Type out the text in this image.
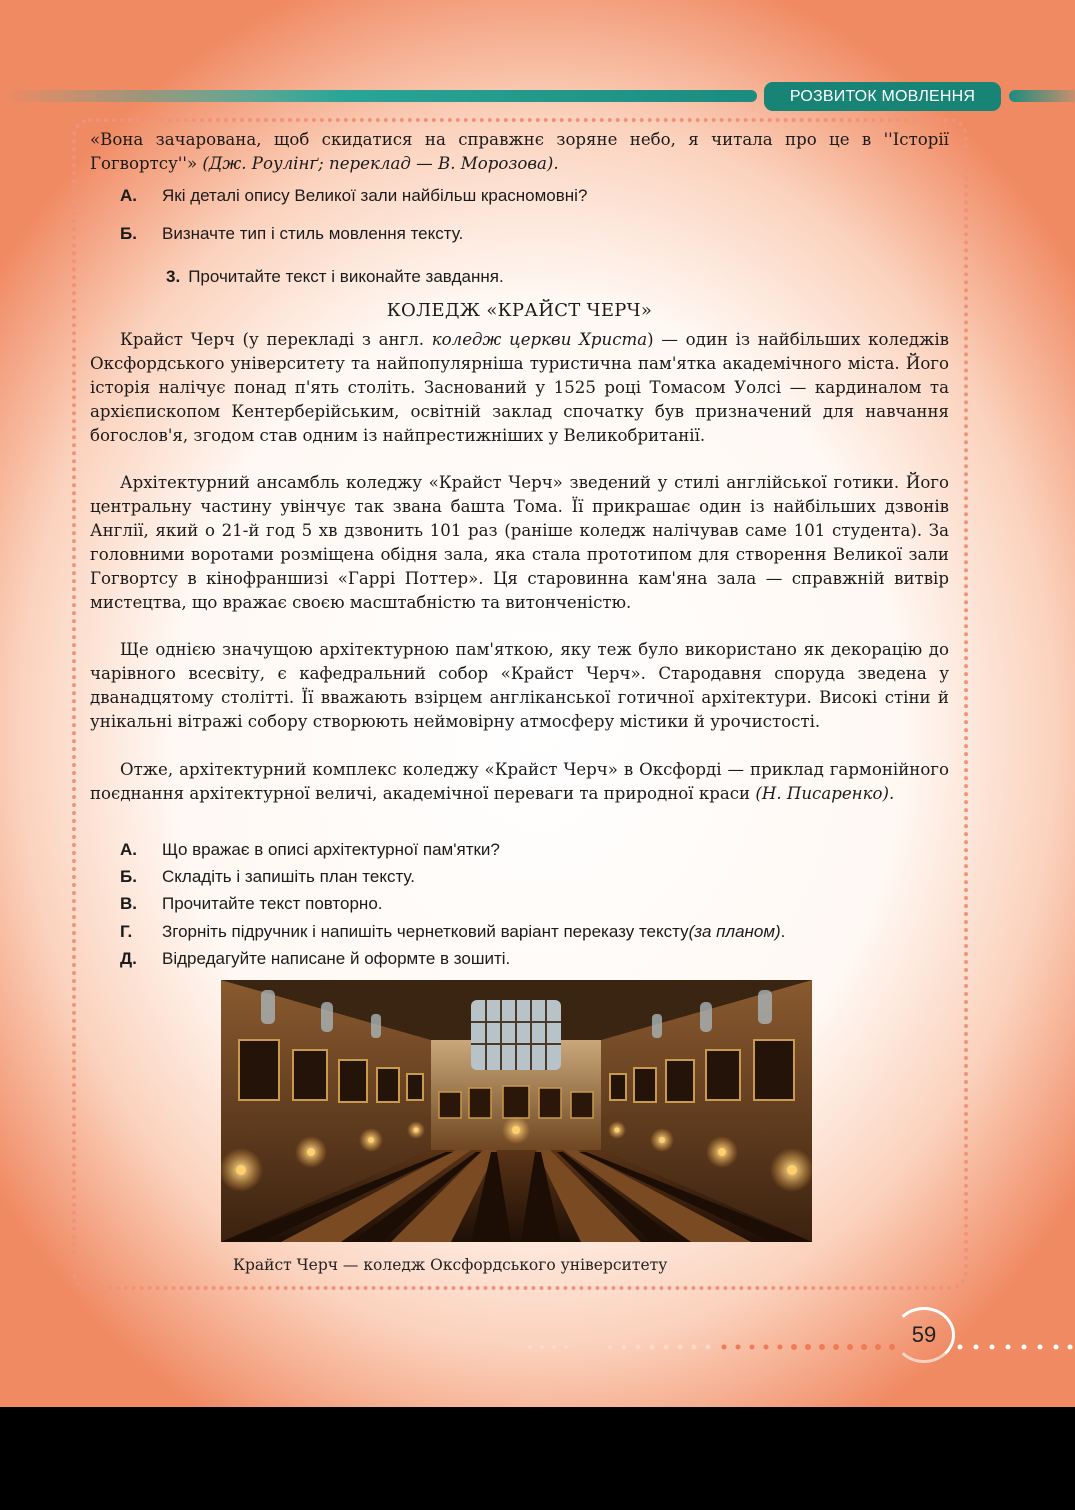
РОЗВИТОК МОВЛЕННЯ

«Вона зачарована, щоб скидатися на справжнє зоряне небо, я читала про це в ''Історії Гогвортсу''» (Дж. Роулінґ; переклад — В. Морозова).

А. Які деталі опису Великої зали найбільш красномовні?
Б. Визначте тип і стиль мовлення тексту.
3. Прочитайте текст і виконайте завдання.
КОЛЕДЖ «КРАЙСТ ЧЕРЧ»

Крайст Черч (у перекладі з англ. коледж церкви Христа) — один із найбільших коледжів Оксфордського університету та найпопулярніша туристична пам'ятка академічного міста. Його історія налічує понад п'ять століть. Заснований у 1525 році Томасом Уолсі — кардиналом та архієпископом Кентерберійським, освітній заклад спочатку був призначений для навчання богослов'я, згодом став одним із найпрестижніших у Великобританії.

Архітектурний ансамбль коледжу «Крайст Черч» зведений у стилі англійської готики. Його центральну частину увінчує так звана башта Тома. Її прикрашає один із найбільших дзвонів Англії, який о 21-й год 5 хв дзвонить 101 раз (раніше коледж налічував саме 101 студента). За головними воротами розміщена обідня зала, яка стала прототипом для створення Великої зали Гогвортсу в кінофраншизі «Гаррі Поттер». Ця старовинна кам'яна зала — справжній витвір мистецтва, що вражає своєю масштабністю та витонченістю.

Ще однією значущою архітектурною пам'яткою, яку теж було використано як декорацію до чарівного всесвіту, є кафедральний собор «Крайст Черч». Стародавня споруда зведена у дванадцятому столітті. Її вважають взірцем англіканської готичної архітектури. Високі стіни й унікальні вітражі собору створюють неймовірну атмосферу містики й урочистості.

Отже, архітектурний комплекс коледжу «Крайст Черч» в Оксфорді — приклад гармонійного поєднання архітектурної величі, академічної переваги та природної краси (Н. Писаренко).

А. Що вражає в описі архітектурної пам'ятки?
Б. Складіть і запишіть план тексту.
В. Прочитайте текст повторно.
Г. Згорніть підручник і напишіть чернетковий варіант переказу тексту(за планом).
Д. Відредагуйте написане й оформте в зошиті.
Крайст Черч — коледж Оксфордського університету
59
